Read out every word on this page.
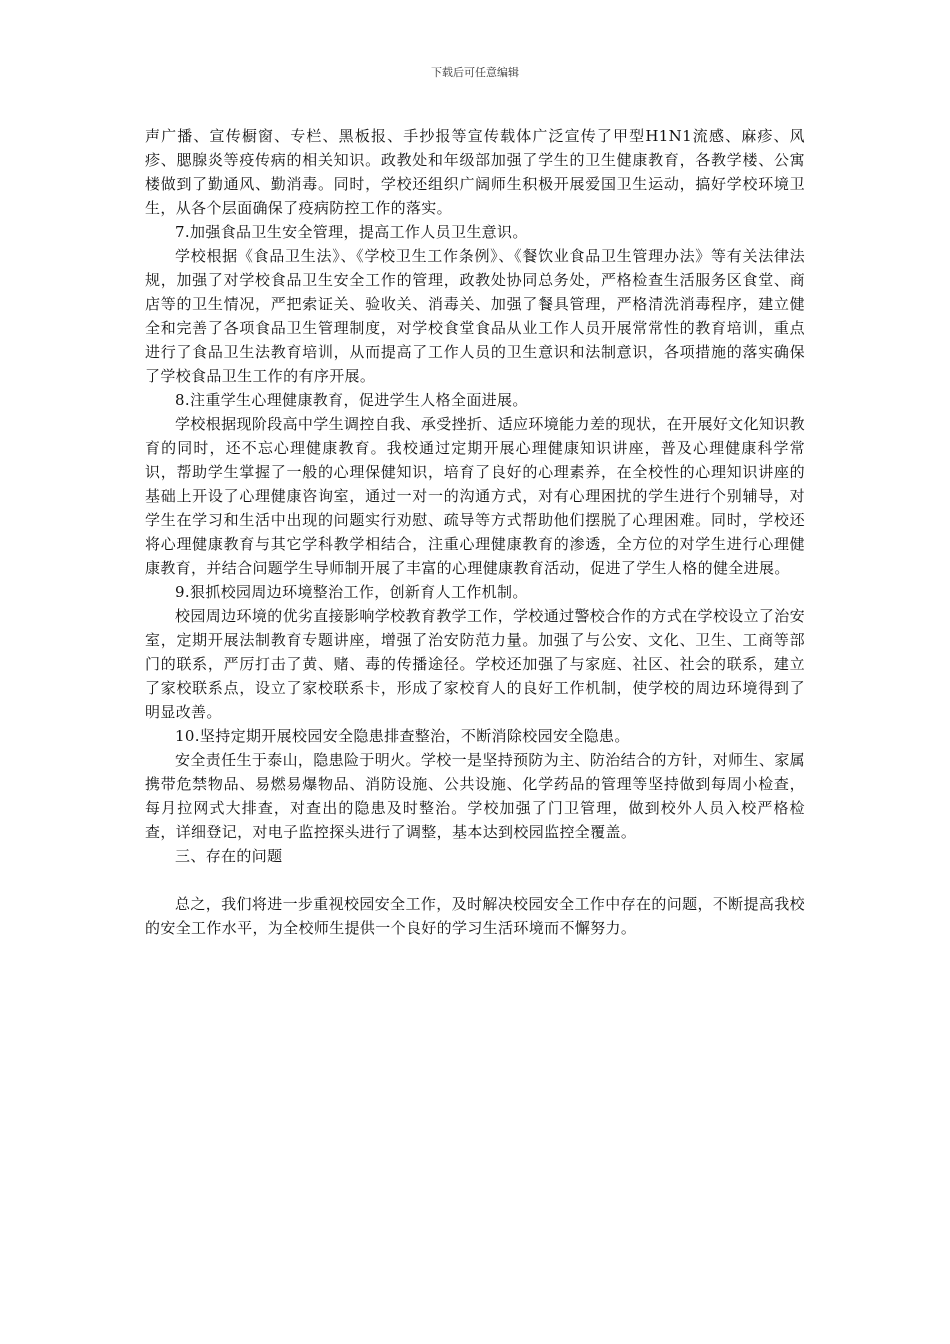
下载后可任意编辑

声广播、宣传橱窗、专栏、黑板报、手抄报等宣传载体广泛宣传了甲型H1N1流感、麻疹、风疹、腮腺炎等疫传病的相关知识。政教处和年级部加强了学生的卫生健康教育，各教学楼、公寓楼做到了勤通风、勤消毒。同时，学校还组织广阔师生积极开展爱国卫生运动，搞好学校环境卫生，从各个层面确保了疫病防控工作的落实。

7.加强食品卫生安全管理，提高工作人员卫生意识。

学校根据《食品卫生法》、《学校卫生工作条例》、《餐饮业食品卫生管理办法》等有关法律法规，加强了对学校食品卫生安全工作的管理，政教处协同总务处，严格检查生活服务区食堂、商店等的卫生情况，严把索证关、验收关、消毒关、加强了餐具管理，严格清洗消毒程序，建立健全和完善了各项食品卫生管理制度，对学校食堂食品从业工作人员开展常常性的教育培训，重点进行了食品卫生法教育培训，从而提高了工作人员的卫生意识和法制意识，各项措施的落实确保了学校食品卫生工作的有序开展。

8.注重学生心理健康教育，促进学生人格全面进展。

学校根据现阶段高中学生调控自我、承受挫折、适应环境能力差的现状，在开展好文化知识教育的同时，还不忘心理健康教育。我校通过定期开展心理健康知识讲座，普及心理健康科学常识，帮助学生掌握了一般的心理保健知识，培育了良好的心理素养，在全校性的心理知识讲座的基础上开设了心理健康咨询室，通过一对一的沟通方式，对有心理困扰的学生进行个别辅导，对学生在学习和生活中出现的问题实行劝慰、疏导等方式帮助他们摆脱了心理困难。同时，学校还将心理健康教育与其它学科教学相结合，注重心理健康教育的渗透，全方位的对学生进行心理健康教育，并结合问题学生导师制开展了丰富的心理健康教育活动，促进了学生人格的健全进展。

9.狠抓校园周边环境整治工作，创新育人工作机制。

校园周边环境的优劣直接影响学校教育教学工作，学校通过警校合作的方式在学校设立了治安室，定期开展法制教育专题讲座，增强了治安防范力量。加强了与公安、文化、卫生、工商等部门的联系，严厉打击了黄、赌、毒的传播途径。学校还加强了与家庭、社区、社会的联系，建立了家校联系点，设立了家校联系卡，形成了家校育人的良好工作机制，使学校的周边环境得到了明显改善。

10.坚持定期开展校园安全隐患排查整治，不断消除校园安全隐患。

安全责任生于泰山，隐患险于明火。学校一是坚持预防为主、防治结合的方针，对师生、家属携带危禁物品、易燃易爆物品、消防设施、公共设施、化学药品的管理等坚持做到每周小检查，每月拉网式大排查，对查出的隐患及时整治。学校加强了门卫管理，做到校外人员入校严格检查，详细登记，对电子监控探头进行了调整，基本达到校园监控全覆盖。

三、存在的问题

总之，我们将进一步重视校园安全工作，及时解决校园安全工作中存在的问题，不断提高我校的安全工作水平，为全校师生提供一个良好的学习生活环境而不懈努力。
